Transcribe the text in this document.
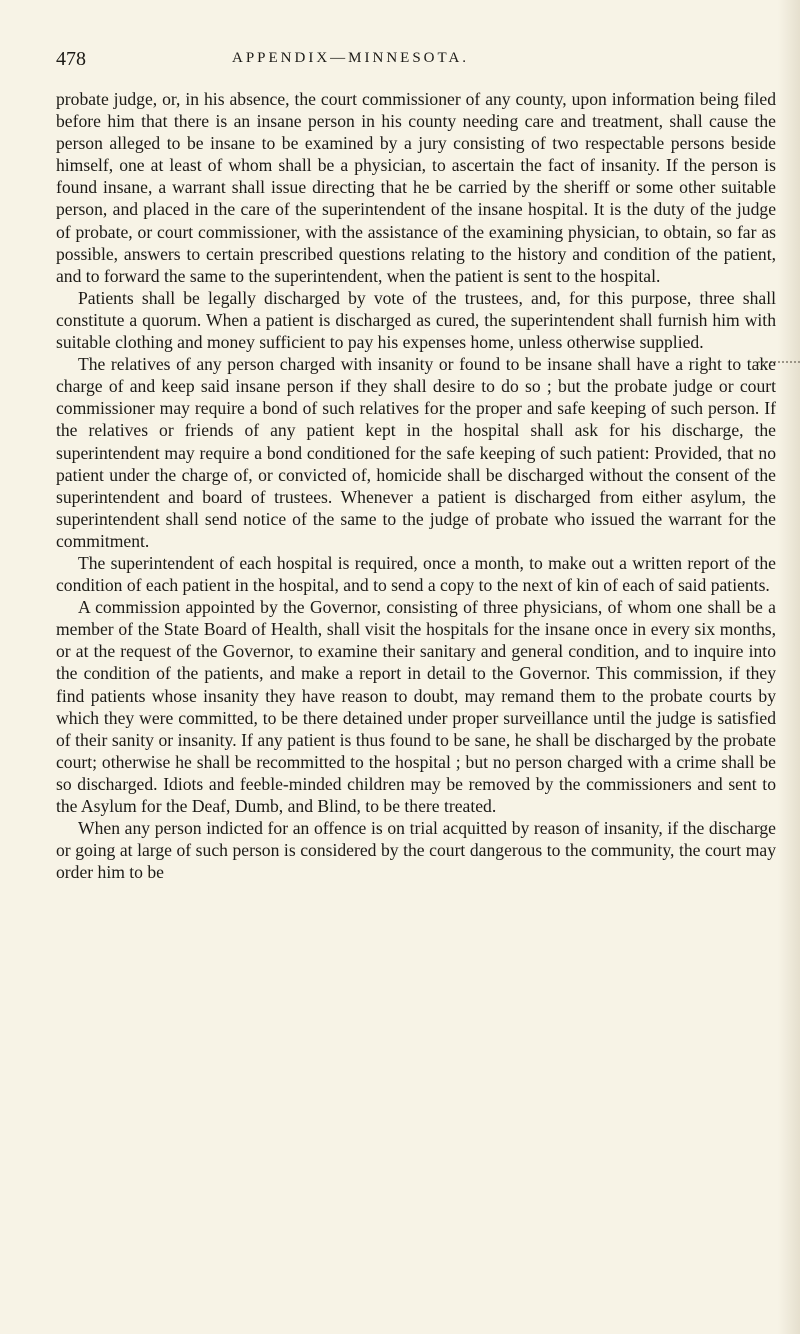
478	APPENDIX—MINNESOTA.

probate judge, or, in his absence, the court commissioner of any county, upon information being filed before him that there is an insane person in his county needing care and treatment, shall cause the person alleged to be insane to be examined by a jury consisting of two respectable persons beside himself, one at least of whom shall be a physician, to ascertain the fact of insanity. If the person is found insane, a warrant shall issue directing that he be carried by the sheriff or some other suitable person, and placed in the care of the superintendent of the insane hospital. It is the duty of the judge of probate, or court commissioner, with the assistance of the examining physician, to obtain, so far as possible, answers to certain prescribed questions relating to the history and condition of the patient, and to forward the same to the superintendent, when the patient is sent to the hospital.

Patients shall be legally discharged by vote of the trustees, and, for this purpose, three shall constitute a quorum. When a patient is discharged as cured, the superintendent shall furnish him with suitable clothing and money sufficient to pay his expenses home, unless otherwise supplied.

The relatives of any person charged with insanity or found to be insane shall have a right to take charge of and keep said insane person if they shall desire to do so ; but the probate judge or court commissioner may require a bond of such relatives for the proper and safe keeping of such person. If the relatives or friends of any patient kept in the hospital shall ask for his discharge, the superintendent may require a bond conditioned for the safe keeping of such patient: Provided, that no patient under the charge of, or convicted of, homicide shall be discharged without the consent of the superintendent and board of trustees. Whenever a patient is discharged from either asylum, the superintendent shall send notice of the same to the judge of probate who issued the warrant for the commitment.

The superintendent of each hospital is required, once a month, to make out a written report of the condition of each patient in the hospital, and to send a copy to the next of kin of each of said patients.

A commission appointed by the Governor, consisting of three physicians, of whom one shall be a member of the State Board of Health, shall visit the hospitals for the insane once in every six months, or at the request of the Governor, to examine their sanitary and general condition, and to inquire into the condition of the patients, and make a report in detail to the Governor. This commission, if they find patients whose insanity they have reason to doubt, may remand them to the probate courts by which they were committed, to be there detained under proper surveillance until the judge is satisfied of their sanity or insanity. If any patient is thus found to be sane, he shall be discharged by the probate court; otherwise he shall be recommitted to the hospital ; but no person charged with a crime shall be so discharged. Idiots and feeble-minded children may be removed by the commissioners and sent to the Asylum for the Deaf, Dumb, and Blind, to be there treated.

When any person indicted for an offence is on trial acquitted by reason of insanity, if the discharge or going at large of such person is considered by the court dangerous to the community, the court may order him to be
